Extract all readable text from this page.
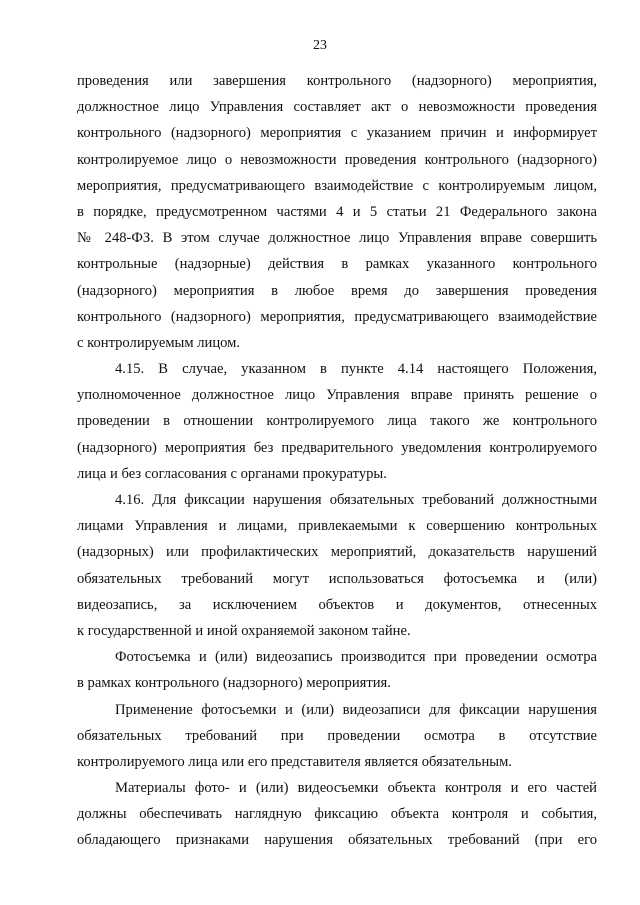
23
проведения или завершения контрольного (надзорного) мероприятия,
должностное лицо Управления составляет акт о невозможности проведения
контрольного (надзорного) мероприятия с указанием причин и информирует
контролируемое лицо о невозможности проведения контрольного (надзорного)
мероприятия, предусматривающего взаимодействие с контролируемым лицом,
в порядке, предусмотренном частями 4 и 5 статьи 21 Федерального закона
№ 248-ФЗ. В этом случае должностное лицо Управления вправе совершить
контрольные (надзорные) действия в рамках указанного контрольного
(надзорного) мероприятия в любое время до завершения проведения
контрольного (надзорного) мероприятия, предусматривающего взаимодействие
с контролируемым лицом.
4.15. В случае, указанном в пункте 4.14 настоящего Положения,
уполномоченное должностное лицо Управления вправе принять решение о
проведении в отношении контролируемого лица такого же контрольного
(надзорного) мероприятия без предварительного уведомления контролируемого
лица и без согласования с органами прокуратуры.
4.16. Для фиксации нарушения обязательных требований должностными
лицами Управления и лицами, привлекаемыми к совершению контрольных
(надзорных) или профилактических мероприятий, доказательств нарушений
обязательных требований могут использоваться фотосъемка и (или)
видеозапись, за исключением объектов и документов, отнесенных
к государственной и иной охраняемой законом тайне.
Фотосъемка и (или) видеозапись производится при проведении осмотра
в рамках контрольного (надзорного) мероприятия.
Применение фотосъемки и (или) видеозаписи для фиксации нарушения
обязательных требований при проведении осмотра в отсутствие
контролируемого лица или его представителя является обязательным.
Материалы фото- и (или) видеосъемки объекта контроля и его частей
должны обеспечивать наглядную фиксацию объекта контроля и события,
обладающего признаками нарушения обязательных требований (при его
